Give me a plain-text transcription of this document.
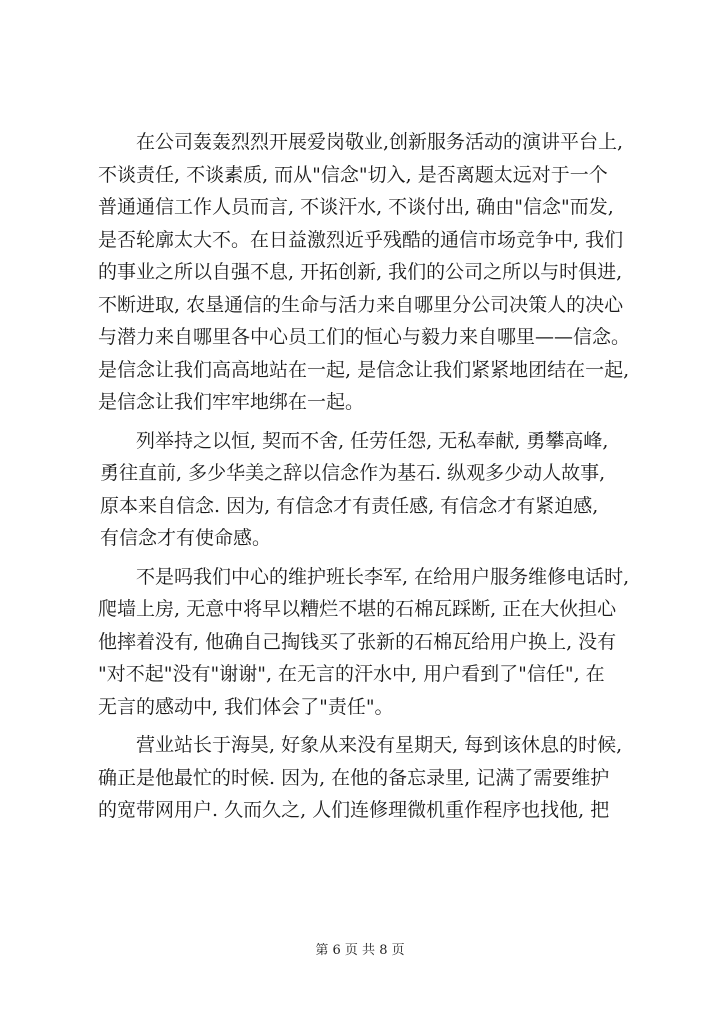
在公司轰轰烈烈开展爱岗敬业,创新服务活动的演讲平台上,
不谈责任, 不谈素质, 而从"信念"切入, 是否离题太远对于一个
普通通信工作人员而言, 不谈汗水, 不谈付出, 确由"信念"而发,
是否轮廓太大不。在日益激烈近乎残酷的通信市场竞争中, 我们
的事业之所以自强不息, 开拓创新, 我们的公司之所以与时俱进,
不断进取, 农垦通信的生命与活力来自哪里分公司决策人的决心
与潜力来自哪里各中心员工们的恒心与毅力来自哪里——信念。
是信念让我们高高地站在一起, 是信念让我们紧紧地团结在一起,
是信念让我们牢牢地绑在一起。
列举持之以恒, 契而不舍, 任劳任怨, 无私奉献, 勇攀高峰,
勇往直前, 多少华美之辞以信念作为基石. 纵观多少动人故事,
原本来自信念. 因为, 有信念才有责任感, 有信念才有紧迫感,
有信念才有使命感。
不是吗我们中心的维护班长李军, 在给用户服务维修电话时,
爬墙上房, 无意中将早以糟烂不堪的石棉瓦踩断, 正在大伙担心
他摔着没有, 他确自己掏钱买了张新的石棉瓦给用户换上, 没有
"对不起"没有"谢谢", 在无言的汗水中, 用户看到了"信任", 在
无言的感动中, 我们体会了"责任"。
营业站长于海昊, 好象从来没有星期天, 每到该休息的时候,
确正是他最忙的时候. 因为, 在他的备忘录里, 记满了需要维护
的宽带网用户. 久而久之, 人们连修理微机重作程序也找他, 把
第 6 页 共 8 页
